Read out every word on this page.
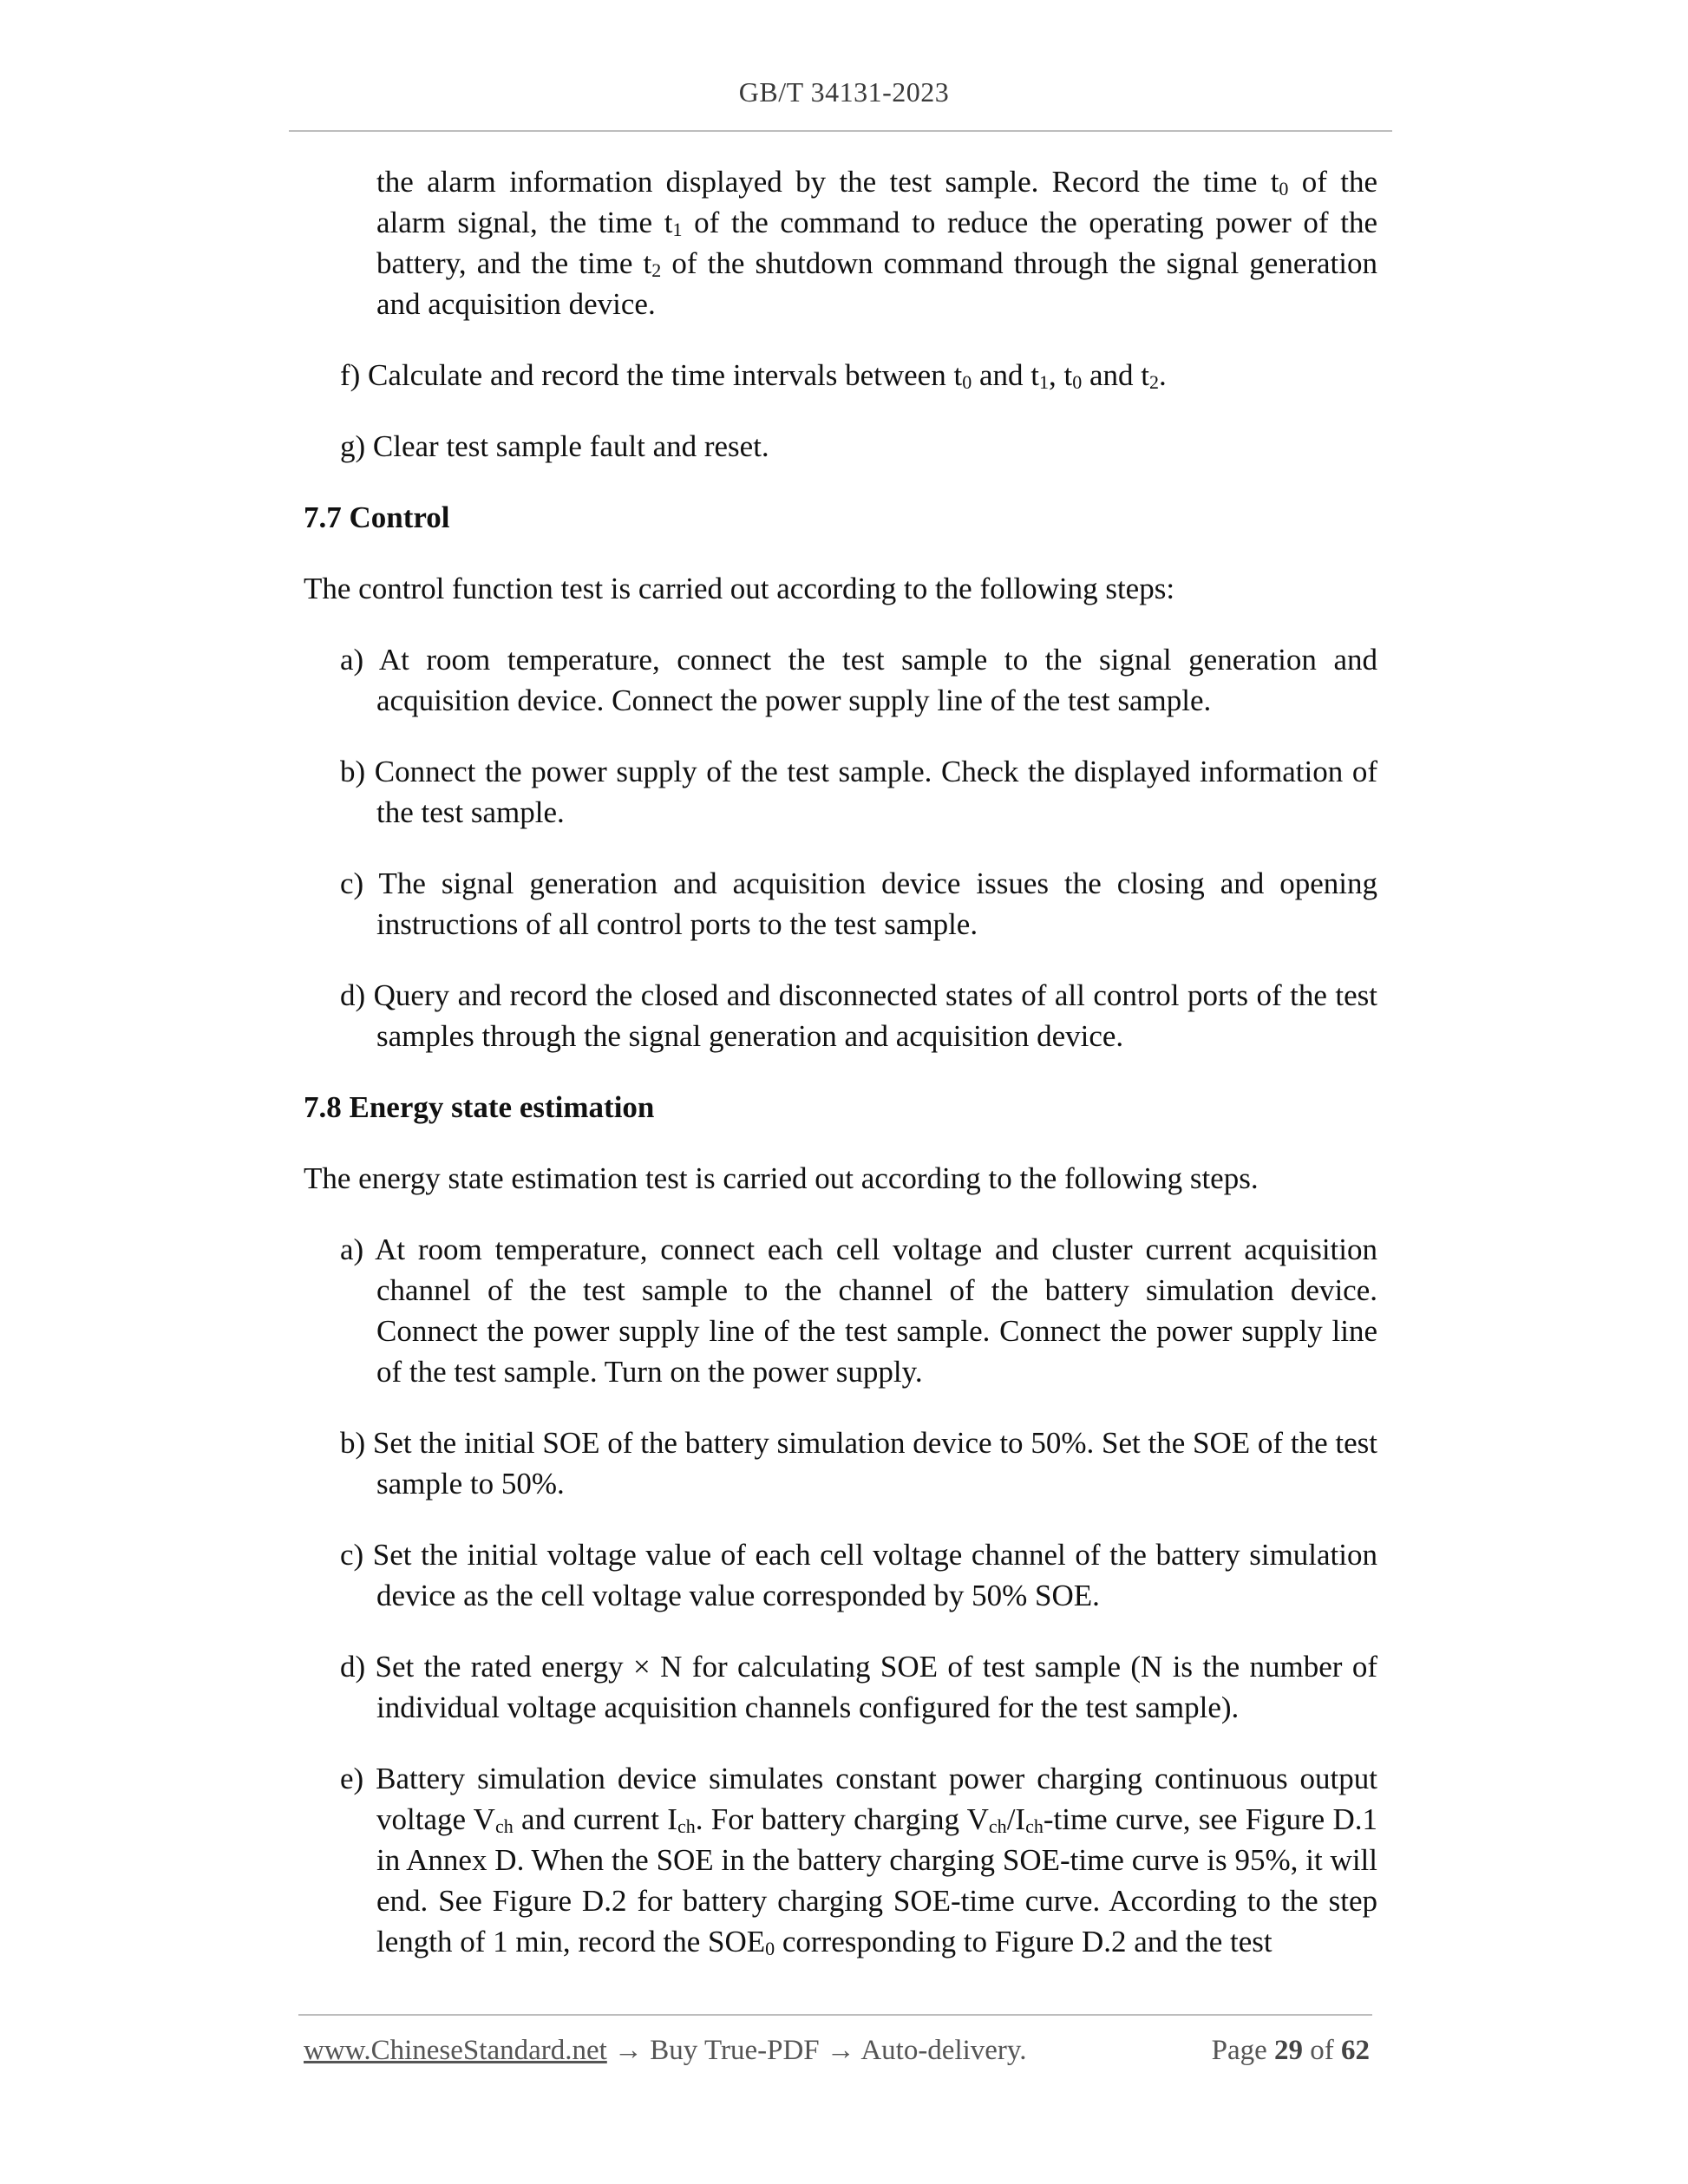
GB/T 34131-2023

the alarm information displayed by the test sample. Record the time $t_0$ of the alarm signal, the time $t_1$ of the command to reduce the operating power of the battery, and the time $t_2$ of the shutdown command through the signal generation and acquisition device.

f) Calculate and record the time intervals between $t_0$ and $t_1$, $t_0$ and $t_2$.

g) Clear test sample fault and reset.

7.7 Control

The control function test is carried out according to the following steps:

a) At room temperature, connect the test sample to the signal generation and acquisition device. Connect the power supply line of the test sample.

b) Connect the power supply of the test sample. Check the displayed information of the test sample.

c) The signal generation and acquisition device issues the closing and opening instructions of all control ports to the test sample.

d) Query and record the closed and disconnected states of all control ports of the test samples through the signal generation and acquisition device.

7.8 Energy state estimation

The energy state estimation test is carried out according to the following steps.

a) At room temperature, connect each cell voltage and cluster current acquisition channel of the test sample to the channel of the battery simulation device. Connect the power supply line of the test sample. Connect the power supply line of the test sample. Turn on the power supply.

b) Set the initial SOE of the battery simulation device to 50%. Set the SOE of the test sample to 50%.

c) Set the initial voltage value of each cell voltage channel of the battery simulation device as the cell voltage value corresponded by 50% SOE.

d) Set the rated energy × N for calculating SOE of test sample (N is the number of individual voltage acquisition channels configured for the test sample).

e) Battery simulation device simulates constant power charging continuous output voltage $V_{ch}$ and current $I_{ch}$. For battery charging $V_{ch}/I_{ch}$-time curve, see Figure D.1 in Annex D. When the SOE in the battery charging SOE-time curve is 95%, it will end. See Figure D.2 for battery charging SOE-time curve. According to the step length of 1 min, record the $SOE_0$ corresponding to Figure D.2 and the test

www.ChineseStandard.net → Buy True-PDF → Auto-delivery.	Page 29 of 62
